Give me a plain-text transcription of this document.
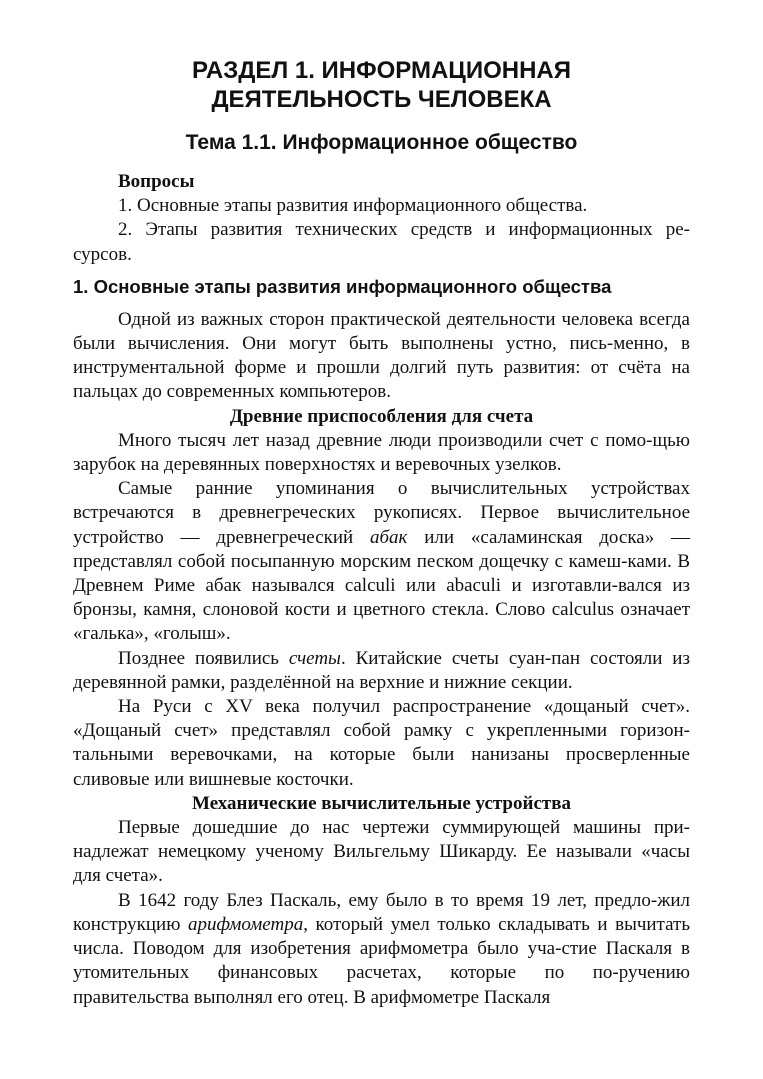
РАЗДЕЛ 1. ИНФОРМАЦИОННАЯ
ДЕЯТЕЛЬНОСТЬ ЧЕЛОВЕКА
Тема 1.1. Информационное общество

Вопросы

1. Основные этапы развития информационного общества.

2. Этапы развития технических средств и информационных ре-сурсов.

1. Основные этапы развития информационного общества

Одной из важных сторон практической деятельности человека всегда были вычисления. Они могут быть выполнены устно, пись-менно, в инструментальной форме и прошли долгий путь развития: от счёта на пальцах до современных компьютеров.

Древние приспособления для счета

Много тысяч лет назад древние люди производили счет с помо-щью зарубок на деревянных поверхностях и веревочных узелков.

Самые ранние упоминания о вычислительных устройствах встречаются в древнегреческих рукописях. Первое вычислительное устройство — древнегреческий абак или «саламинская доска» — представлял собой посыпанную морским песком дощечку с камеш-ками. В Древнем Риме абак назывался calculi или abaculi и изготавли-вался из бронзы, камня, слоновой кости и цветного стекла. Слово calculus означает «галька», «голыш».

Позднее появились счеты. Китайские счеты суан-пан состояли из деревянной рамки, разделённой на верхние и нижние секции.

На Руси с XV века получил распространение «дощаный счет». «Дощаный счет» представлял собой рамку с укрепленными горизон-тальными веревочками, на которые были нанизаны просверленные сливовые или вишневые косточки.

Механические вычислительные устройства

Первые дошедшие до нас чертежи суммирующей машины при-надлежат немецкому ученому Вильгельму Шикарду. Ее называли «часы для счета».

В 1642 году Блез Паскаль, ему было в то время 19 лет, предло-жил конструкцию арифмометра, который умел только складывать и вычитать числа. Поводом для изобретения арифмометра было уча-стие Паскаля в утомительных финансовых расчетах, которые по по-ручению правительства выполнял его отец. В арифмометре Паскаля
